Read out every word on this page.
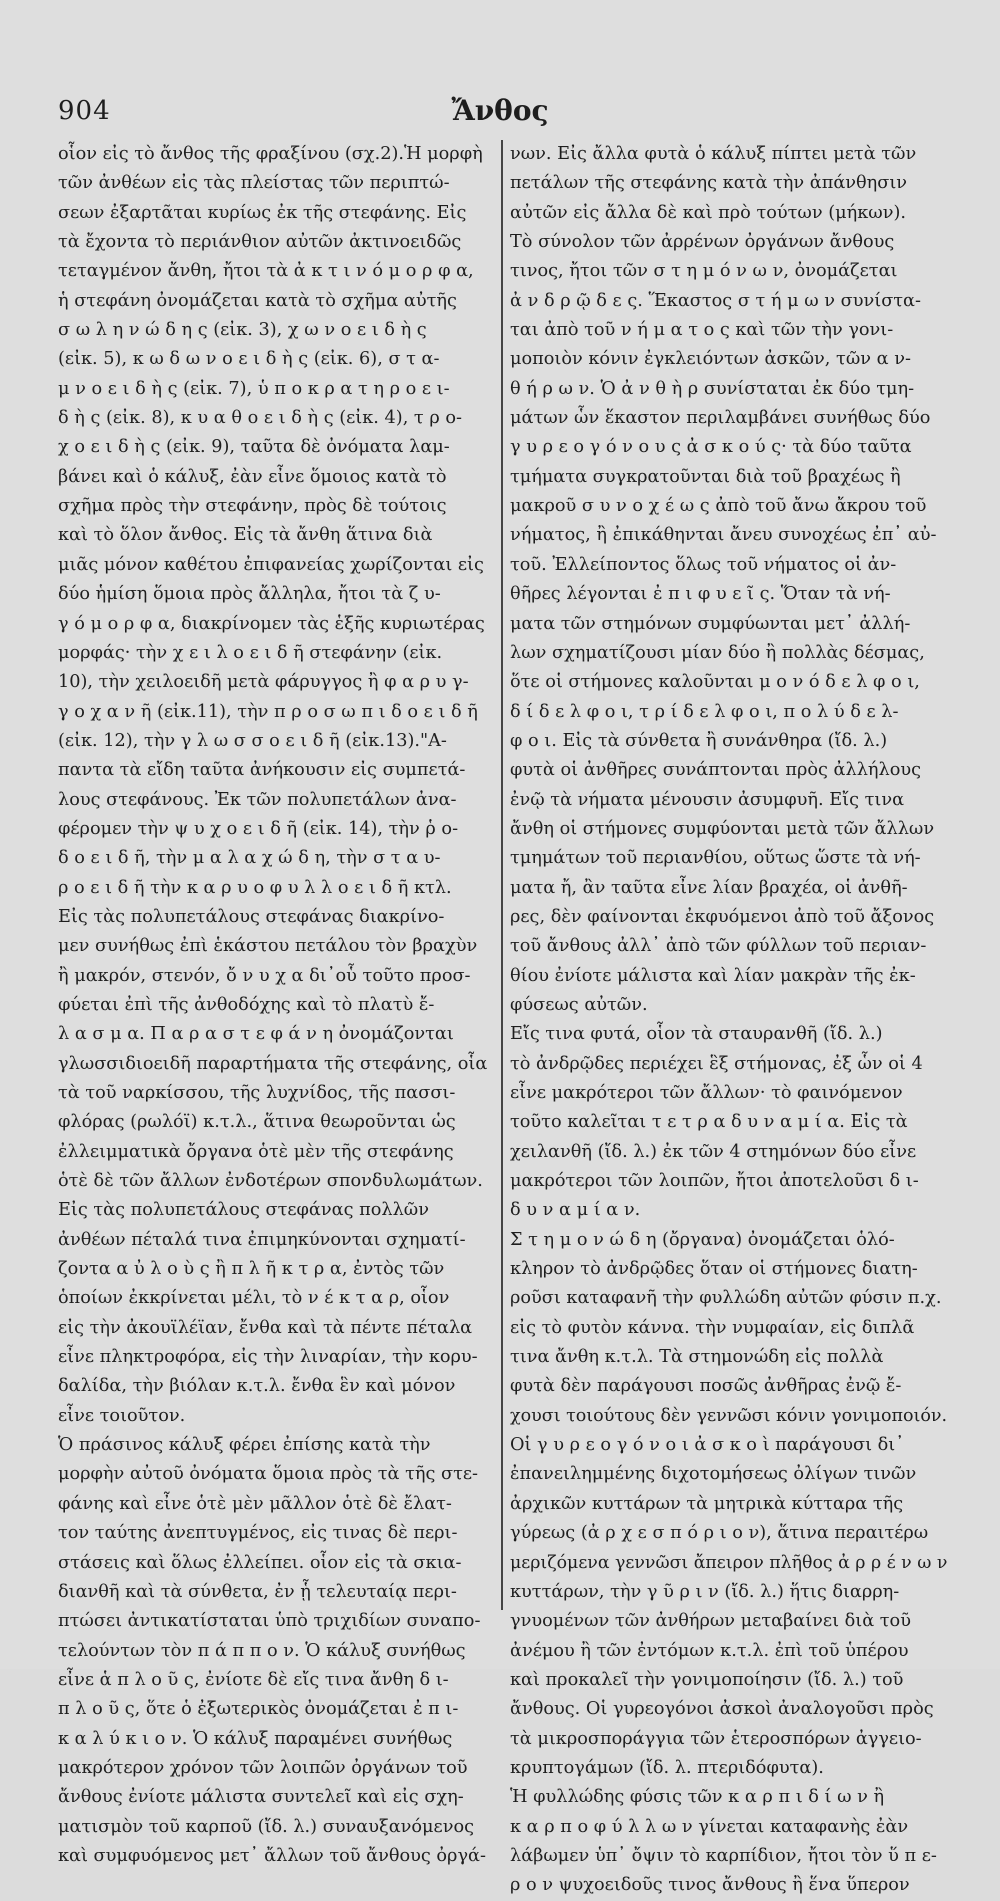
904	Ἄνθος

οἷον εἰς τὸ ἄνθος τῆς φραξίνου (σχ.2).Ἡ μορφὴ

τῶν ἀνθέων εἰς τὰς πλείστας τῶν περιπτώ-

σεων ἐξαρτᾶται κυρίως ἐκ τῆς στεφάνης. Εἰς

τὰ ἔχοντα τὸ περιάνθιον αὐτῶν ἀκτινοειδῶς

τεταγμένον ἄνθη, ἤτοι τὰ ἀ κ τ ι ν ό μ ο ρ φ α,

ἡ στεφάνη ὀνομάζεται κατὰ τὸ σχῆμα αὐτῆς

σ ω λ η ν ώ δ η ς (εἰκ. 3), χ ω ν ο ε ι δ ὴ ς

(εἰκ. 5), κ ω δ ω ν ο ε ι δ ὴ ς (εἰκ. 6), σ τ α-

μ ν ο ε ι δ ὴ ς (εἰκ. 7), ὑ π ο κ ρ α τ η ρ ο ε ι-

δ ὴ ς (εἰκ. 8), κ υ α θ ο ε ι δ ὴ ς (εἰκ. 4), τ ρ ο-

χ ο ε ι δ ὴ ς (εἰκ. 9), ταῦτα δὲ ὀνόματα λαμ-

βάνει καὶ ὁ κάλυξ, ἐὰν εἶνε ὅμοιος κατὰ τὸ

σχῆμα πρὸς τὴν στεφάνην, πρὸς δὲ τούτοις

καὶ τὸ ὅλον ἄνθος. Εἰς τὰ ἄνθη ἅτινα διὰ

μιᾶς μόνον καθέτου ἐπιφανείας χωρίζονται εἰς

δύο ἡμίση ὅμοια πρὸς ἄλληλα, ἤτοι τὰ ζ υ-

γ ό μ ο ρ φ α, διακρίνομεν τὰς ἑξῆς κυριωτέρας

μορφάς· τὴν χ ε ι λ ο ε ι δ ῆ στεφάνην (εἰκ.

10), τὴν χειλοειδῆ μετὰ φάρυγγος ἢ φ α ρ υ γ-

γ ο χ α ν ῆ (εἰκ.11), τὴν π ρ ο σ ω π ι δ ο ε ι δ ῆ

(εἰκ. 12), τὴν γ λ ω σ σ ο ε ι δ ῆ (εἰκ.13)."Α-

παντα τὰ εἴδη ταῦτα ἀνήκουσιν εἰς συμπετά-

λους στεφάνους. Ἐκ τῶν πολυπετάλων ἀνα-

φέρομεν τὴν ψ υ χ ο ε ι δ ῆ (εἰκ. 14), τὴν ῥ ο-

δ ο ε ι δ ῆ, τὴν μ α λ α χ ώ δ η, τὴν σ τ α υ-

ρ ο ε ι δ ῆ τὴν κ α ρ υ ο φ υ λ λ ο ε ι δ ῆ κτλ.

Εἰς τὰς πολυπετάλους στεφάνας διακρίνο-

μεν συνήθως ἐπὶ ἑκάστου πετάλου τὸν βραχὺν

ἢ μακρόν, στενόν, ὄ ν υ χ α δι᾽οὗ τοῦτο προσ-

φύεται ἐπὶ τῆς ἀνθοδόχης καὶ τὸ πλατὺ ἔ-

λ α σ μ α. Π α ρ α σ τ ε φ ά ν η ὀνομάζονται

γλωσσιδιοειδῆ παραρτήματα τῆς στεφάνης, οἷα

τὰ τοῦ ναρκίσσου, τῆς λυχνίδος, τῆς πασσι-

φλόρας (ρωλόϊ) κ.τ.λ., ἅτινα θεωροῦνται ὡς

ἐλλειμματικὰ ὄργανα ὁτὲ μὲν τῆς στεφάνης

ὁτὲ δὲ τῶν ἄλλων ἐνδοτέρων σπονδυλωμάτων.

Εἰς τὰς πολυπετάλους στεφάνας πολλῶν

ἀνθέων πέταλά τινα ἐπιμηκύνονται σχηματί-

ζοντα α ὐ λ ο ὺ ς ἢ π λ ῆ κ τ ρ α, ἐντὸς τῶν

ὁποίων ἐκκρίνεται μέλι, τὸ ν έ κ τ α ρ, οἷον

εἰς τὴν ἀκουϊλέϊαν, ἔνθα καὶ τὰ πέντε πέταλα

εἶνε πληκτροφόρα, εἰς τὴν λιναρίαν, τὴν κορυ-

δαλίδα, τὴν βιόλαν κ.τ.λ. ἔνθα ἓν καὶ μόνον

εἶνε τοιοῦτον.

Ὁ πράσινος κάλυξ φέρει ἐπίσης κατὰ τὴν

μορφὴν αὐτοῦ ὀνόματα ὅμοια πρὸς τὰ τῆς στε-

φάνης καὶ εἶνε ὁτὲ μὲν μᾶλλον ὁτὲ δὲ ἔλατ-

τον ταύτης ἀνεπτυγμένος, εἰς τινας δὲ περι-

στάσεις καὶ ὅλως ἐλλείπει. οἷον εἰς τὰ σκια-

διανθῆ καὶ τὰ σύνθετα, ἐν ᾗ τελευταίᾳ περι-

πτώσει ἀντικατίσταται ὑπὸ τριχιδίων συναπο-

τελούντων τὸν π ά π π ο ν. Ὁ κάλυξ συνήθως

εἶνε ἁ π λ ο ῦ ς, ἐνίοτε δὲ εἴς τινα ἄνθη δ ι-

π λ ο ῦ ς, ὅτε ὁ ἐξωτερικὸς ὀνομάζεται ἐ π ι-

κ α λ ύ κ ι ο ν. Ὁ κάλυξ παραμένει συνήθως

μακρότερον χρόνον τῶν λοιπῶν ὀργάνων τοῦ

ἄνθους ἐνίοτε μάλιστα συντελεῖ καὶ εἰς σχη-

ματισμὸν τοῦ καρποῦ (ἴδ. λ.) συναυξανόμενος

καὶ συμφυόμενος μετ᾽ ἄλλων τοῦ ἄνθους ὀργά-

νων. Εἰς ἄλλα φυτὰ ὁ κάλυξ πίπτει μετὰ τῶν

πετάλων τῆς στεφάνης κατὰ τὴν ἀπάνθησιν

αὐτῶν εἰς ἄλλα δὲ καὶ πρὸ τούτων (μήκων).

Τὸ σύνολον τῶν ἀρρένων ὀργάνων ἄνθους

τινος, ἤτοι τῶν σ τ η μ ό ν ω ν, ὀνομάζεται

ἀ ν δ ρ ῷ δ ε ς. Ἕκαστος σ τ ή μ ω ν συνίστα-

ται ἀπὸ τοῦ ν ή μ α τ ο ς καὶ τῶν τὴν γονι-

μοποιὸν κόνιν ἐγκλειόντων ἀσκῶν, τῶν α ν-

θ ή ρ ω ν. Ὁ ἀ ν θ ὴ ρ συνίσταται ἐκ δύο τμη-

μάτων ὧν ἕκαστον περιλαμβάνει συνήθως δύο

γ υ ρ ε ο γ ό ν ο υ ς ἀ σ κ ο ύ ς· τὰ δύο ταῦτα

τμήματα συγκρατοῦνται διὰ τοῦ βραχέως ἢ

μακροῦ σ υ ν ο χ έ ω ς ἀπὸ τοῦ ἄνω ἄκρου τοῦ

νήματος, ἢ ἐπικάθηνται ἄνευ συνοχέως ἐπ᾽ αὐ-

τοῦ. Ἐλλείποντος ὅλως τοῦ νήματος οἱ ἀν-

θῆρες λέγονται ἐ π ι φ υ ε ῖ ς. Ὅταν τὰ νή-

ματα τῶν στημόνων συμφύωνται μετ᾽ ἀλλή-

λων σχηματίζουσι μίαν δύο ἢ πολλὰς δέσμας,

ὅτε οἱ στήμονες καλοῦνται μ ο ν ό δ ε λ φ ο ι,

δ ί δ ε λ φ ο ι, τ ρ ί δ ε λ φ ο ι, π ο λ ύ δ ε λ-

φ ο ι. Εἰς τὰ σύνθετα ἢ συνάνθηρα (ἴδ. λ.)

φυτὰ οἱ ἀνθῆρες συνάπτονται πρὸς ἀλλήλους

ἐνῷ τὰ νήματα μένουσιν ἀσυμφυῆ. Εἴς τινα

ἄνθη οἱ στήμονες συμφύονται μετὰ τῶν ἄλλων

τμημάτων τοῦ περιανθίου, οὕτως ὥστε τὰ νή-

ματα ἤ, ἂν ταῦτα εἶνε λίαν βραχέα, οἱ ἀνθῆ-

ρες, δὲν φαίνονται ἐκφυόμενοι ἀπὸ τοῦ ἄξονος

τοῦ ἄνθους ἀλλ᾽ ἀπὸ τῶν φύλλων τοῦ περιαν-

θίου ἐνίοτε μάλιστα καὶ λίαν μακρὰν τῆς ἐκ-

φύσεως αὐτῶν.

Εἴς τινα φυτά, οἷον τὰ σταυρανθῆ (ἴδ. λ.)

τὸ ἀνδρῷδες περιέχει ἓξ στήμονας, ἐξ ὧν οἱ 4

εἶνε μακρότεροι τῶν ἄλλων· τὸ φαινόμενον

τοῦτο καλεῖται τ ε τ ρ α δ υ ν α μ ί α. Εἰς τὰ

χειλανθῆ (ἴδ. λ.) ἐκ τῶν 4 στημόνων δύο εἶνε

μακρότεροι τῶν λοιπῶν, ἤτοι ἀποτελοῦσι δ ι-

δ υ ν α μ ί α ν.

Σ τ η μ ο ν ώ δ η (ὄργανα) ὀνομάζεται ὁλό-

κληρον τὸ ἀνδρῷδες ὅταν οἱ στήμονες διατη-

ροῦσι καταφανῆ τὴν φυλλώδη αὐτῶν φύσιν π.χ.

εἰς τὸ φυτὸν κάννα. τὴν νυμφαίαν, εἰς διπλᾶ

τινα ἄνθη κ.τ.λ. Τὰ στημονώδη εἰς πολλὰ

φυτὰ δὲν παράγουσι ποσῶς ἀνθῆρας ἐνῷ ἔ-

χουσι τοιούτους δὲν γεννῶσι κόνιν γονιμοποιόν.

Οἱ γ υ ρ ε ο γ ό ν ο ι ἀ σ κ ο ὶ παράγουσι δι᾽

ἐπανειλημμένης διχοτομήσεως ὀλίγων τινῶν

ἀρχικῶν κυττάρων τὰ μητρικὰ κύτταρα τῆς

γύρεως (ἀ ρ χ ε σ π ό ρ ι ο ν), ἅτινα περαιτέρω

μεριζόμενα γεννῶσι ἄπειρον πλῆθος ἀ ρ ρ έ ν ω ν

κυττάρων, τὴν γ ῦ ρ ι ν (ἴδ. λ.) ἥτις διαρρη-

γνυομένων τῶν ἀνθήρων μεταβαίνει διὰ τοῦ

ἀνέμου ἢ τῶν ἐντόμων κ.τ.λ. ἐπὶ τοῦ ὑπέρου

καὶ προκαλεῖ τὴν γονιμοποίησιν (ἴδ. λ.) τοῦ

ἄνθους. Οἱ γυρεογόνοι ἀσκοὶ ἀναλογοῦσι πρὸς

τὰ μικροσποράγγια τῶν ἑτεροσπόρων ἀγγειο-

κρυπτογάμων (ἴδ. λ. πτεριδόφυτα).

Ἡ φυλλώδης φύσις τῶν κ α ρ π ι δ ί ω ν ἢ

κ α ρ π ο φ ύ λ λ ω ν γίνεται καταφανὴς ἐὰν

λάβωμεν ὑπ᾽ ὄψιν τὸ καρπίδιον, ἤτοι τὸν ὕ π ε-

ρ ο ν ψυχοειδοῦς τινος ἄνθους ἢ ἕνα ὕπερον
